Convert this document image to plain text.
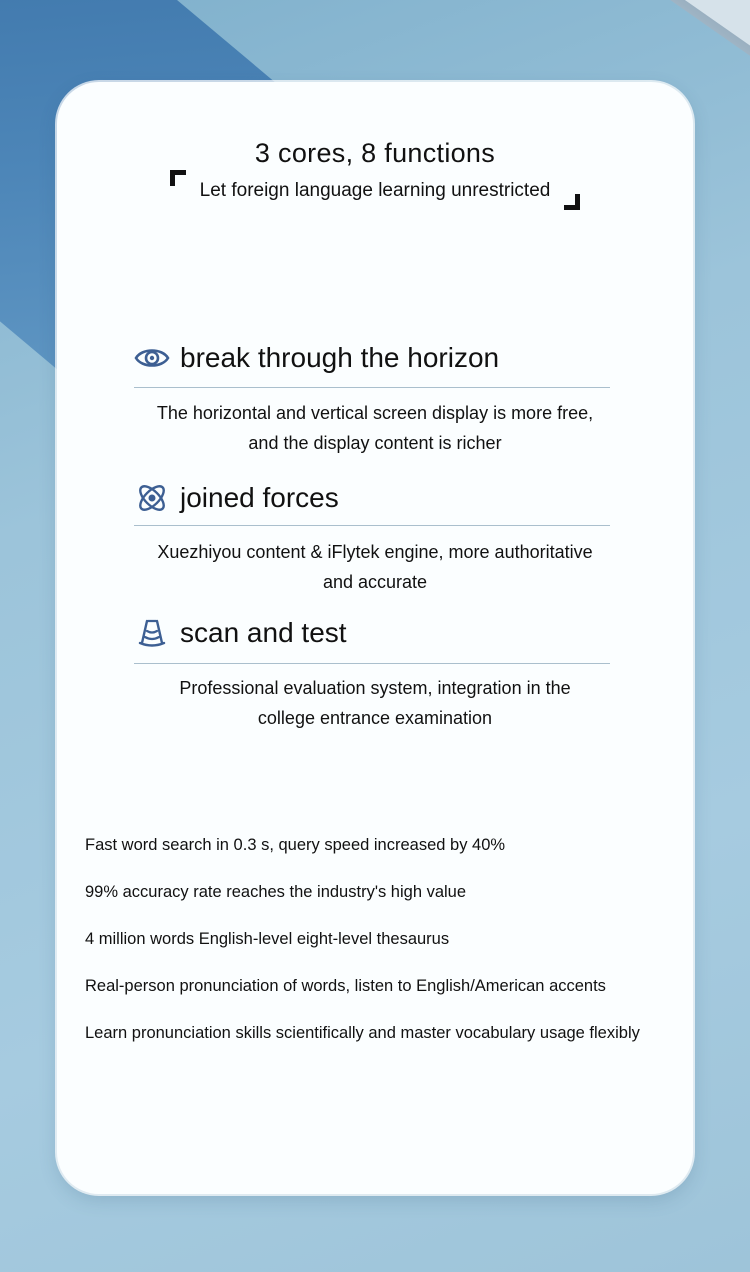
3 cores, 8 functions
Let foreign language learning unrestricted
break through the horizon
The horizontal and vertical screen display is more free,
and the display content is richer
joined forces
Xuezhiyou content & iFlytek engine, more authoritative
and accurate
scan and test
Professional evaluation system, integration in the
college entrance examination
Fast word search in 0.3 s, query speed increased by 40%
99% accuracy rate reaches the industry's high value
4 million words English-level eight-level thesaurus
Real-person pronunciation of words, listen to English/American accents
Learn pronunciation skills scientifically and master vocabulary usage flexibly
